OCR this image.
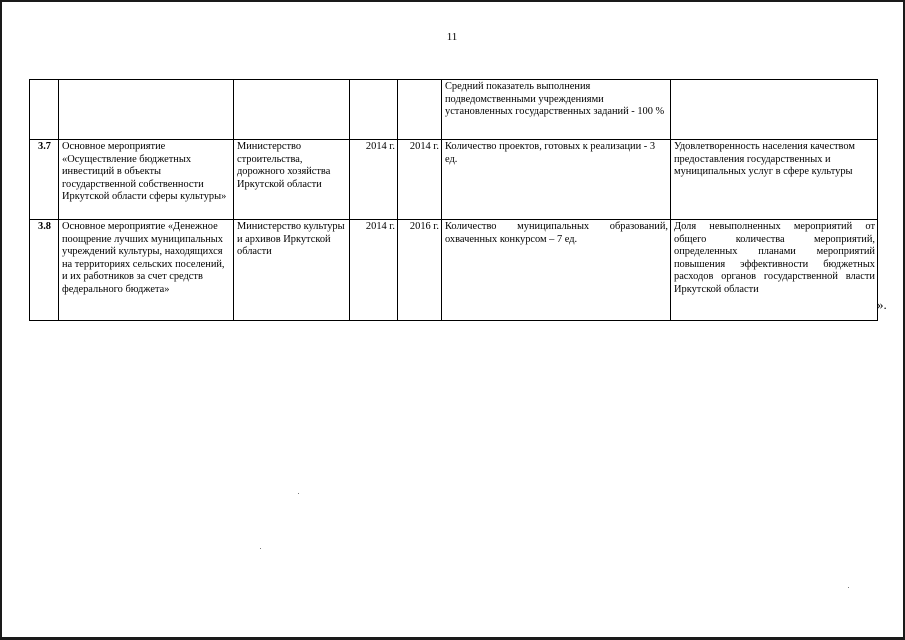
11
					Средний показатель выполнения подведомственными учреждениями установленных государственных заданий - 100 %	
3.7	Основное мероприятие «Осуществление бюджетных инвестиций в объекты государственной собственности Иркутской области сферы культуры»	Министерство строительства, дорожного хозяйства Иркутской области	2014 г.	2014 г.	Количество проектов, готовых к реализации - 3 ед.	Удовлетворенность населения качеством предоставления государственных и муниципальных услуг в сфере культуры
3.8	Основное мероприятие «Денежное поощрение лучших муниципальных учреждений культуры, находящихся на территориях сельских поселений, и их работников за счет средств федерального бюджета»	Министерство культуры и архивов Иркутской области	2014 г.	2016 г.	Количество муниципальных образований, охваченных конкурсом – 7 ед.	Доля невыполненных мероприятий от общего количества мероприятий, определенных планами мероприятий повышения эффективности бюджетных расходов органов государственной власти Иркутской области
».
